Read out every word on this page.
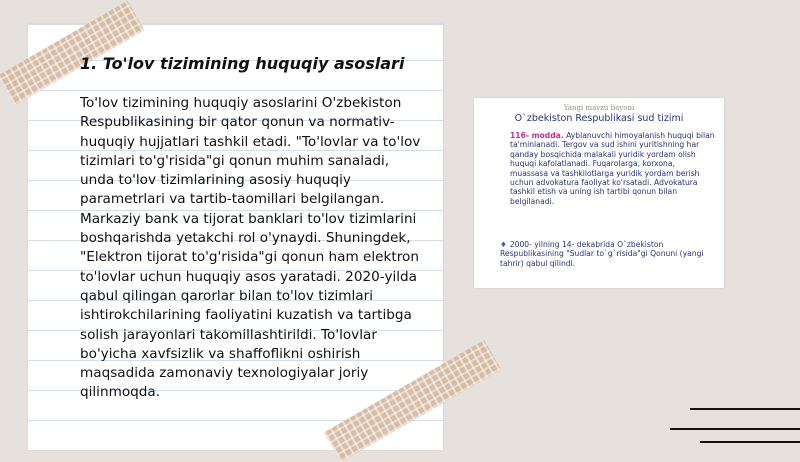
1. To'lov tizimining huquqiy asoslari

To'lov tizimining huquqiy asoslarini O'zbekiston Respublikasining bir qator qonun va normativ-huquqiy hujjatlari tashkil etadi. "To'lovlar va to'lov tizimlari to'g'risida"gi qonun muhim sanaladi, unda to'lov tizimlarining asosiy huquqiy parametrlari va tartib-taomillari belgilangan. Markaziy bank va tijorat banklari to'lov tizimlarini boshqarishda yetakchi rol o'ynaydi. Shuningdek, "Elektron tijorat to'g'risida"gi qonun ham elektron to'lovlar uchun huquqiy asos yaratadi. 2020-yilda qabul qilingan qarorlar bilan to'lov tizimlari ishtirokchilarining faoliyatini kuzatish va tartibga solish jarayonlari takomillashtirildi. To'lovlar bo'yicha xavfsizlik va shaffoflikni oshirish maqsadida zamonaviy texnologiyalar joriy qilinmoqda.

Yangi mavzu bayoni
O`zbekiston Respublikasi sud tizimi
116- modda. Ayblanuvchi himoyalanish huquqi bilan ta'minlanadi. Tergov va sud ishini yuritishning har qanday bosqichida malakali yuridik yordam olish huquqi kafolatlanadi. Fuqarolarga, korxona, muassasa va tashkilotlarga yuridik yordam berish uchun advokatura faoliyat ko'rsatadi. Advokatura tashkil etish va uning ish tartibi qonun bilan belgilanadi.
♦ 2000- yilning 14- dekabrida O`zbekiston Respublikasining "Sudlar to`g`risida"gi Qonuni (yangi tahrir) qabul qilindi.
